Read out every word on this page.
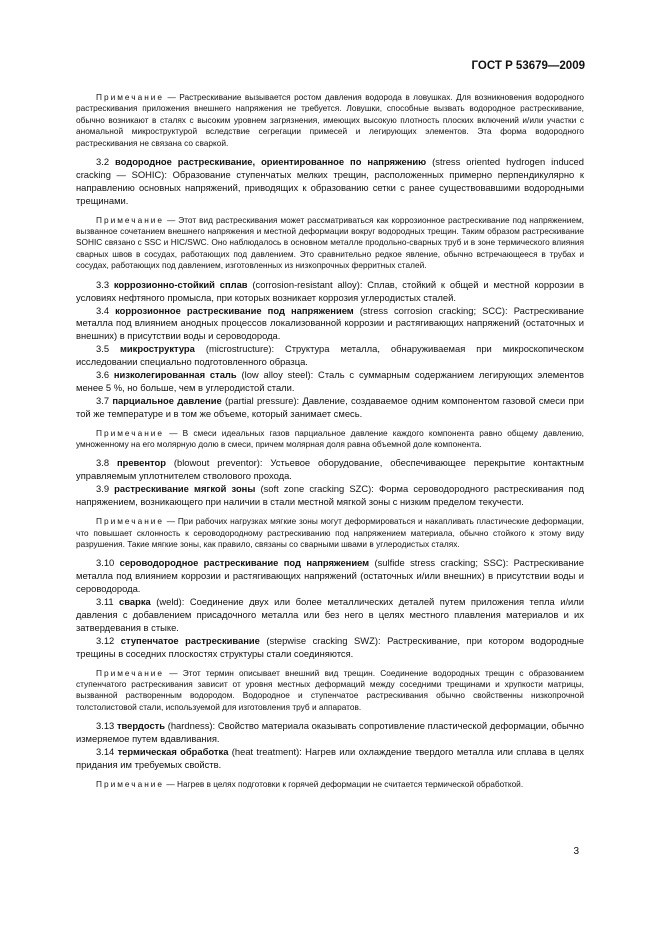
ГОСТ Р 53679—2009

Примечание — Растрескивание вызывается ростом давления водорода в ловушках. Для возникновения водородного растрескивания приложения внешнего напряжения не требуется. Ловушки, способные вызвать водородное растрескивание, обычно возникают в сталях с высоким уровнем загрязнения, имеющих высокую плотность плоских включений и/или участки с аномальной микроструктурой вследствие сегрегации примесей и легирующих элементов. Эта форма водородного растрескивания не связана со сваркой.

3.2 водородное растрескивание, ориентированное по напряжению (stress oriented hydrogen induced cracking — SOHIC): Образование ступенчатых мелких трещин, расположенных примерно перпендикулярно к направлению основных напряжений, приводящих к образованию сетки с ранее существовавшими водородными трещинами.

Примечание — Этот вид растрескивания может рассматриваться как коррозионное растрескивание под напряжением, вызванное сочетанием внешнего напряжения и местной деформации вокруг водородных трещин. Таким образом растрескивание SOHIC связано с SSC и HIC/SWC. Оно наблюдалось в основном металле продольно-сварных труб и в зоне термического влияния сварных швов в сосудах, работающих под давлением. Это сравнительно редкое явление, обычно встречающееся в трубах и сосудах, работающих под давлением, изготовленных из низкопрочных ферритных сталей.

3.3 коррозионно-стойкий сплав (corrosion-resistant alloy): Сплав, стойкий к общей и местной коррозии в условиях нефтяного промысла, при которых возникает коррозия углеродистых сталей.

3.4 коррозионное растрескивание под напряжением (stress corrosion cracking; SCC): Растрескивание металла под влиянием анодных процессов локализованной коррозии и растягивающих напряжений (остаточных и внешних) в присутствии воды и сероводорода.

3.5 микроструктура (microstructure): Структура металла, обнаруживаемая при микроскопическом исследовании специально подготовленного образца.

3.6 низколегированная сталь (low alloy steel): Сталь с суммарным содержанием легирующих элементов менее 5 %, но больше, чем в углеродистой стали.

3.7 парциальное давление (partial pressure): Давление, создаваемое одним компонентом газовой смеси при той же температуре и в том же объеме, который занимает смесь.

Примечание — В смеси идеальных газов парциальное давление каждого компонента равно общему давлению, умноженному на его молярную долю в смеси, причем молярная доля равна объемной доле компонента.

3.8 превентор (blowout preventor): Устьевое оборудование, обеспечивающее перекрытие контактным управляемым уплотнителем стволового прохода.

3.9 растрескивание мягкой зоны (soft zone cracking SZC): Форма сероводородного растрескивания под напряжением, возникающего при наличии в стали местной мягкой зоны с низким пределом текучести.

Примечание — При рабочих нагрузках мягкие зоны могут деформироваться и накапливать пластические деформации, что повышает склонность к сероводородному растрескиванию под напряжением материала, обычно стойкого к этому виду разрушения. Такие мягкие зоны, как правило, связаны со сварными швами в углеродистых сталях.

3.10 сероводородное растрескивание под напряжением (sulfide stress cracking; SSC): Растрескивание металла под влиянием коррозии и растягивающих напряжений (остаточных и/или внешних) в присутствии воды и сероводорода.

3.11 сварка (weld): Соединение двух или более металлических деталей путем приложения тепла и/или давления с добавлением присадочного металла или без него в целях местного плавления материалов и их затвердевания в стыке.

3.12 ступенчатое растрескивание (stepwise cracking SWZ): Растрескивание, при котором водородные трещины в соседних плоскостях структуры стали соединяются.

Примечание — Этот термин описывает внешний вид трещин. Соединение водородных трещин с образованием ступенчатого растрескивания зависит от уровня местных деформаций между соседними трещинами и хрупкости матрицы, вызванной растворенным водородом. Водородное и ступенчатое растрескивания обычно свойственны низкопрочной толстолистовой стали, используемой для изготовления труб и аппаратов.

3.13 твердость (hardness): Свойство материала оказывать сопротивление пластической деформации, обычно измеряемое путем вдавливания.

3.14 термическая обработка (heat treatment): Нагрев или охлаждение твердого металла или сплава в целях придания им требуемых свойств.

Примечание — Нагрев в целях подготовки к горячей деформации не считается термической обработкой.

3
